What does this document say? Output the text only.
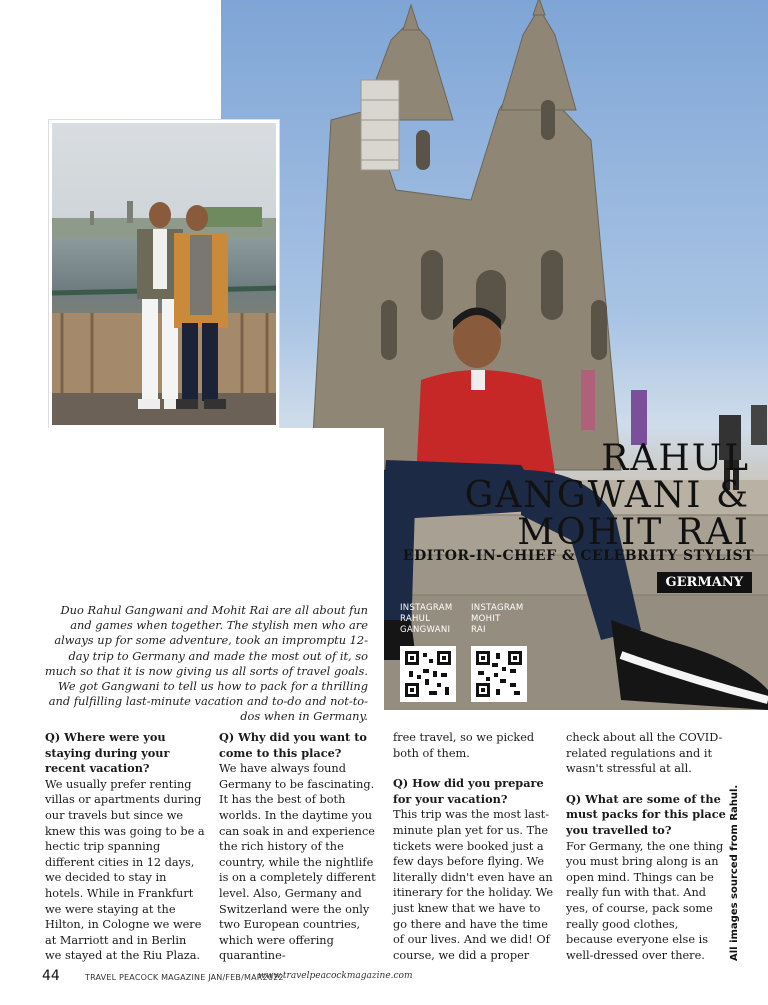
RAHUL
GANGWANI &
MOHIT RAI
EDITOR-IN-CHIEF & CELEBRITY STYLIST
GERMANY

Duo Rahul Gangwani and Mohit Rai are all about fun and games when together. The stylish men who are always up for some adventure, took an impromptu 12-day trip to Germany and made the most out of it, so much so that it is now giving us all sorts of travel goals. We got Gangwani to tell us how to pack for a thrilling and fulfilling last-minute vacation and to-do and not-to-dos when in Germany.

INSTAGRAM
RAHUL
GANGWANI
INSTAGRAM
MOHIT
RAI
Q) Where were you staying during your recent vacation?
We usually prefer renting villas or apartments during our travels but since we knew this was going to be a hectic trip spanning different cities in 12 days, we decided to stay in hotels. While in Frankfurt we were staying at the Hilton, in Cologne we were at Marriott and in Berlin we stayed at the Riu Plaza.
Q) Why did you want to come to this place?
We have always found Germany to be fascinating. It has the best of both worlds. In the daytime you can soak in and experience the rich history of the country, while the nightlife is on a completely different level. Also, Germany and Switzerland were the only two European countries, which were offering quarantine-
free travel, so we picked both of them.
Q) How did you prepare for your vacation?
This trip was the most last-minute plan yet for us. The tickets were booked just a few days before flying. We literally didn't even have an itinerary for the holiday. We just knew that we have to go there and have the time of our lives. And we did! Of course, we did a proper
check about all the COVID-related regulations and it wasn't stressful at all.
Q) What are some of the must packs for this place you travelled to?
For Germany, the one thing you must bring along is an open mind. Things can be really fun with that. And yes, of course, pack some really good clothes, because everyone else is well-dressed over there.	All images sourced from Rahul.
44	TRAVEL PEACOCK MAGAZINE JAN/FEB/MAR2022
www.travelpeacockmagazine.com
